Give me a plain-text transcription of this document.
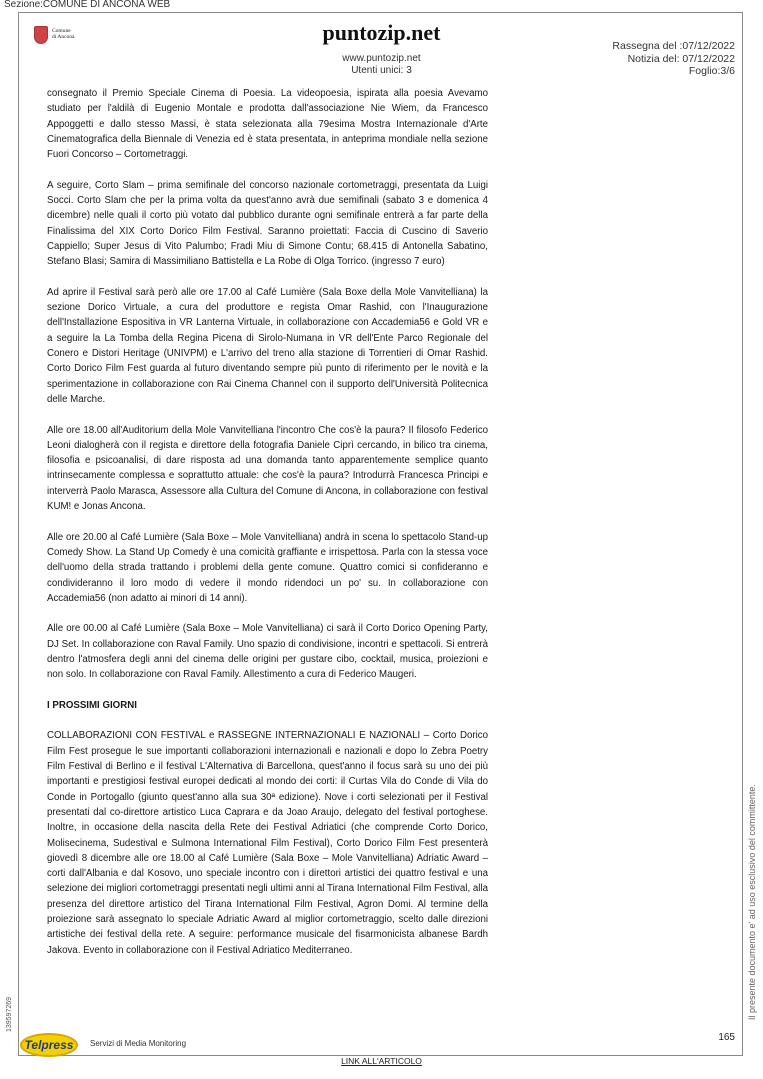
Sezione:COMUNE DI ANCONA WEB
Comune
di Ancona	puntozip.net
www.puntozip.net
Utenti unici: 3
Rassegna del :07/12/2022
Notizia del: 07/12/2022
Foglio:3/6

consegnato il Premio Speciale Cinema di Poesia. La videopoesia, ispirata alla poesia Avevamo studiato per l'aldilà di Eugenio Montale e prodotta dall'associazione Nie Wiem, da Francesco Appoggetti e dallo stesso Massi, è stata selezionata alla 79esima Mostra Internazionale d'Arte Cinematografica della Biennale di Venezia ed è stata presentata, in anteprima mondiale nella sezione Fuori Concorso – Cortometraggi.

A seguire, Corto Slam – prima semifinale del concorso nazionale cortometraggi, presentata da Luigi Socci. Corto Slam che per la prima volta da quest'anno avrà due semifinali (sabato 3 e domenica 4 dicembre) nelle quali il corto più votato dal pubblico durante ogni semifinale entrerà a far parte della Finalissima del XIX Corto Dorico Film Festival. Saranno proiettati: Faccia di Cuscino di Saverio Cappiello; Super Jesus di Vito Palumbo; Fradi Miu di Simone Contu; 68.415 di Antonella Sabatino, Stefano Blasi; Samira di Massimiliano Battistella e La Robe di Olga Torrico. (ingresso 7 euro)

Ad aprire il Festival sarà però alle ore 17.00 al Café Lumière (Sala Boxe della Mole Vanvitelliana) la sezione Dorico Virtuale, a cura del produttore e regista Omar Rashid, con l'Inaugurazione dell'Installazione Espositiva in VR Lanterna Virtuale, in collaborazione con Accademia56 e Gold VR e a seguire la La Tomba della Regina Picena di Sirolo-Numana in VR dell'Ente Parco Regionale del Conero e Distori Heritage (UNIVPM) e L'arrivo del treno alla stazione di Torrentieri di Omar Rashid. Corto Dorico Film Fest guarda al futuro diventando sempre più punto di riferimento per le novità e la sperimentazione in collaborazione con Rai Cinema Channel con il supporto dell'Università Politecnica delle Marche.

Alle ore 18.00 all'Auditorium della Mole Vanvitelliana l'incontro Che cos'è la paura? Il filosofo Federico Leoni dialogherà con il regista e direttore della fotografia Daniele Ciprì cercando, in bilico tra cinema, filosofia e psicoanalisi, di dare risposta ad una domanda tanto apparentemente semplice quanto intrinsecamente complessa e soprattutto attuale: che cos'è la paura? Introdurrà Francesca Principi e interverrà Paolo Marasca, Assessore alla Cultura del Comune di Ancona, in collaborazione con festival KUM! e Jonas Ancona.

Alle ore 20.00 al Café Lumière (Sala Boxe – Mole Vanvitelliana) andrà in scena lo spettacolo Stand-up Comedy Show. La Stand Up Comedy è una comicità graffiante e irrispettosa. Parla con la stessa voce dell'uomo della strada trattando i problemi della gente comune. Quattro comici si confideranno e condivideranno il loro modo di vedere il mondo ridendoci un po' su. In collaborazione con Accademia56 (non adatto ai minori di 14 anni).

Alle ore 00.00 al Café Lumière (Sala Boxe – Mole Vanvitelliana) ci sarà il Corto Dorico Opening Party, DJ Set. In collaborazione con Raval Family. Uno spazio di condivisione, incontri e spettacoli. Si entrerà dentro l'atmosfera degli anni del cinema delle origini per gustare cibo, cocktail, musica, proiezioni e non solo. In collaborazione con Raval Family. Allestimento a cura di Federico Maugeri.

I PROSSIMI GIORNI

COLLABORAZIONI CON FESTIVAL e RASSEGNE INTERNAZIONALI E NAZIONALI – Corto Dorico Film Fest prosegue le sue importanti collaborazioni internazionali e nazionali e dopo lo Zebra Poetry Film Festival di Berlino e il festival L'Alternativa di Barcellona, quest'anno il focus sarà su uno dei più importanti e prestigiosi festival europei dedicati al mondo dei corti: il Curtas Vila do Conde di Vila do Conde in Portogallo (giunto quest'anno alla sua 30ª edizione). Nove i corti selezionati per il Festival presentati dal co-direttore artistico Luca Caprara e da Joao Araujo, delegato del festival portoghese. Inoltre, in occasione della nascita della Rete dei Festival Adriatici (che comprende Corto Dorico, Molisecinema, Sudestival e Sulmona International Film Festival), Corto Dorico Film Fest presenterà giovedì 8 dicembre alle ore 18.00 al Café Lumière (Sala Boxe – Mole Vanvitelliana) Adriatic Award – corti dall'Albania e dal Kosovo, uno speciale incontro con i direttori artistici dei quattro festival e una selezione dei migliori cortometraggi presentati negli ultimi anni al Tirana International Film Festival, alla presenza del direttore artistico del Tirana International Film Festival, Agron Domi. Al termine della proiezione sarà assegnato lo speciale Adriatic Award al miglior cortometraggio, scelto dalle direzioni artistiche dei festival della rete. A seguire: performance musicale del fisarmonicista albanese Bardh Jakova. Evento in collaborazione con il Festival Adriatico Mediterraneo.	Il presente documento e' ad uso esclusivo del committente.
139597269
Telpress Servizi di Media Monitoring
165
LINK ALL'ARTICOLO
